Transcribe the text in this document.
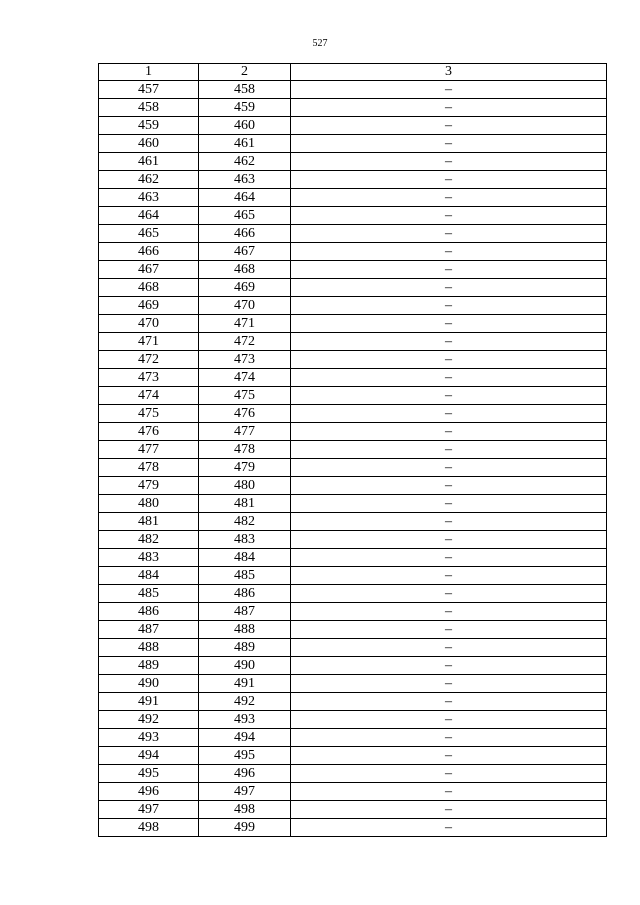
527
1	2	3
457	458	–
458	459	–
459	460	–
460	461	–
461	462	–
462	463	–
463	464	–
464	465	–
465	466	–
466	467	–
467	468	–
468	469	–
469	470	–
470	471	–
471	472	–
472	473	–
473	474	–
474	475	–
475	476	–
476	477	–
477	478	–
478	479	–
479	480	–
480	481	–
481	482	–
482	483	–
483	484	–
484	485	–
485	486	–
486	487	–
487	488	–
488	489	–
489	490	–
490	491	–
491	492	–
492	493	–
493	494	–
494	495	–
495	496	–
496	497	–
497	498	–
498	499	–
